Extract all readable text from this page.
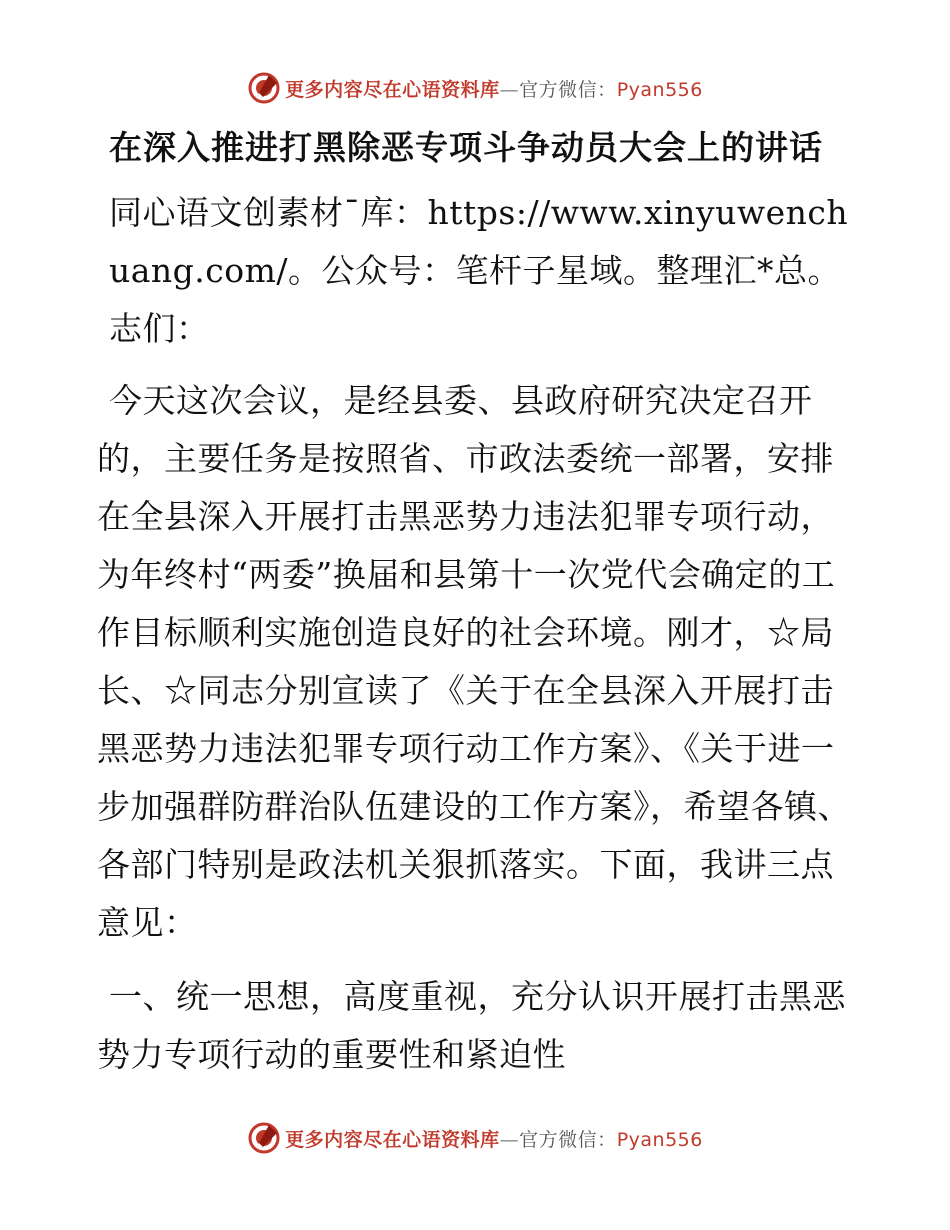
更多内容尽在心语资料库—官方微信：Pyan556
在深入推进打黑除恶专项斗争动员大会上的讲话

同心语文创素材¯库：https://www.xinyuwenchuang.com/。公众号：笔杆子星域。整理汇*总。志们：

今天这次会议，是经县委、县政府研究决定召开的，主要任务是按照省、市政法委统一部署，安排在全县深入开展打击黑恶势力违法犯罪专项行动，为年终村“两委”换届和县第十一次党代会确定的工作目标顺利实施创造良好的社会环境。刚才，☆局长、☆同志分别宣读了《关于在全县深入开展打击黑恶势力违法犯罪专项行动工作方案》、《关于进一步加强群防群治队伍建设的工作方案》，希望各镇、各部门特别是政法机关狠抓落实。下面，我讲三点意见：

一、统一思想，高度重视，充分认识开展打击黑恶势力专项行动的重要性和紧迫性

更多内容尽在心语资料库—官方微信：Pyan556
